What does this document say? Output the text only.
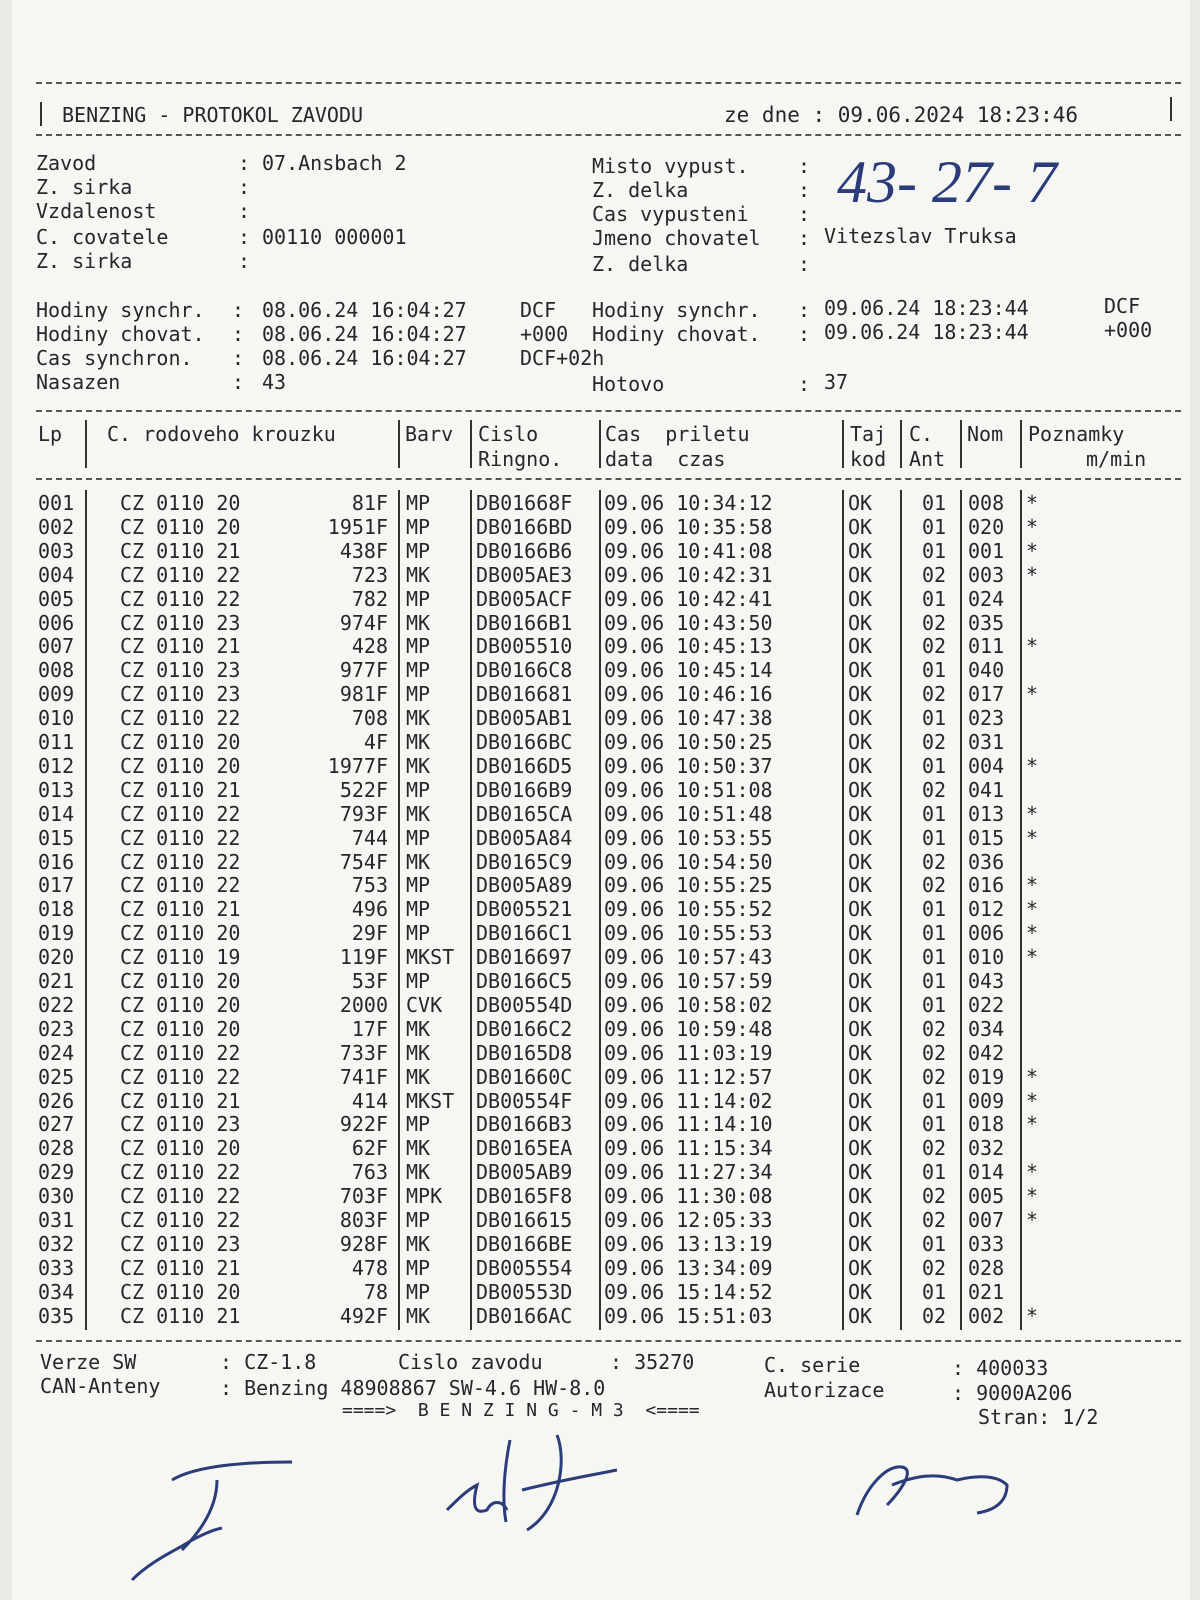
BENZING - PROTOKOL ZAVODU	ze dne : 09.06.2024 18:23:46
Zavod	: 07.Ansbach 2
Z. sirka	:
Vzdalenost	:
C. covatele	: 00110 000001
Z. sirka	:
Misto vypust. :
Z. delka	:
Cas vypusteni :
Jmeno chovatel : Vitezslav Truksa
Z. delka	:
43- 27- 7
Hodiny synchr. : 08.06.24 16:04:27	DCF
Hodiny chovat. : 08.06.24 16:04:27	+000
Cas synchron. : 08.06.24 16:04:27	DCF+02h
Nasazen	: 43
Hodiny synchr. : 09.06.24 18:23:44	DCF
Hodiny chovat. : 09.06.24 18:23:44	+000
Hotovo	: 37
Lp C. rodoveho krouzku	Barv Cislo
Ringno.
Cas  priletu
data  czas
Taj
kod
C.
Ant
Nom Poznamky
m/min
001 CZ 0110 20	81F MP DB01668F 09.06 10:34:12	OK 01 008 *
002 CZ 0110 20	1951F MP DB0166BD 09.06 10:35:58	OK 01 020 *
003 CZ 0110 21	438F MP DB0166B6 09.06 10:41:08	OK 01 001 *
004 CZ 0110 22	723 MK DB005AE3 09.06 10:42:31	OK 02 003 *
005 CZ 0110 22	782 MP DB005ACF 09.06 10:42:41	OK 01 024
006 CZ 0110 23	974F MK DB0166B1 09.06 10:43:50	OK 02 035
007 CZ 0110 21	428 MP DB005510 09.06 10:45:13	OK 02 011 *
008 CZ 0110 23	977F MP DB0166C8 09.06 10:45:14	OK 01 040
009 CZ 0110 23	981F MP DB016681 09.06 10:46:16	OK 02 017 *
010 CZ 0110 22	708 MK DB005AB1 09.06 10:47:38	OK 01 023
011 CZ 0110 20	4F MK DB0166BC 09.06 10:50:25	OK 02 031
012 CZ 0110 20	1977F MK DB0166D5 09.06 10:50:37	OK 01 004 *
013 CZ 0110 21	522F MP DB0166B9 09.06 10:51:08	OK 02 041
014 CZ 0110 22	793F MK DB0165CA 09.06 10:51:48	OK 01 013 *
015 CZ 0110 22	744 MP DB005A84 09.06 10:53:55	OK 01 015 *
016 CZ 0110 22	754F MK DB0165C9 09.06 10:54:50	OK 02 036
017 CZ 0110 22	753 MP DB005A89 09.06 10:55:25	OK 02 016 *
018 CZ 0110 21	496 MP DB005521 09.06 10:55:52	OK 01 012 *
019 CZ 0110 20	29F MP DB0166C1 09.06 10:55:53	OK 01 006 *
020 CZ 0110 19	119F MKST DB016697 09.06 10:57:43	OK 01 010 *
021 CZ 0110 20	53F MP DB0166C5 09.06 10:57:59	OK 01 043
022 CZ 0110 20	2000 CVK DB00554D 09.06 10:58:02	OK 01 022
023 CZ 0110 20	17F MK DB0166C2 09.06 10:59:48	OK 02 034
024 CZ 0110 22	733F MK DB0165D8 09.06 11:03:19	OK 02 042
025 CZ 0110 22	741F MK DB01660C 09.06 11:12:57	OK 02 019 *
026 CZ 0110 21	414 MKST DB00554F 09.06 11:14:02	OK 01 009 *
027 CZ 0110 23	922F MP DB0166B3 09.06 11:14:10	OK 01 018 *
028 CZ 0110 20	62F MK DB0165EA 09.06 11:15:34	OK 02 032
029 CZ 0110 22	763 MK DB005AB9 09.06 11:27:34	OK 01 014 *
030 CZ 0110 22	703F MPK DB0165F8 09.06 11:30:08	OK 02 005 *
031 CZ 0110 22	803F MP DB016615 09.06 12:05:33	OK 02 007 *
032 CZ 0110 23	928F MK DB0166BE 09.06 13:13:19	OK 01 033
033 CZ 0110 21	478 MP DB005554 09.06 13:34:09	OK 02 028
034 CZ 0110 20	78 MP DB00553D 09.06 15:14:52	OK 01 021
035 CZ 0110 21	492F MK DB0166AC 09.06 15:51:03	OK 02 002 *
Verze SW	: CZ-1.8	Cislo zavodu	: 35270	C. serie	: 400033
CAN-Anteny	: Benzing 48908867 SW-4.6 HW-8.0	Autorizace	: 9000A206
====>  B E N Z I N G - M 3  <====	Stran: 1/2
